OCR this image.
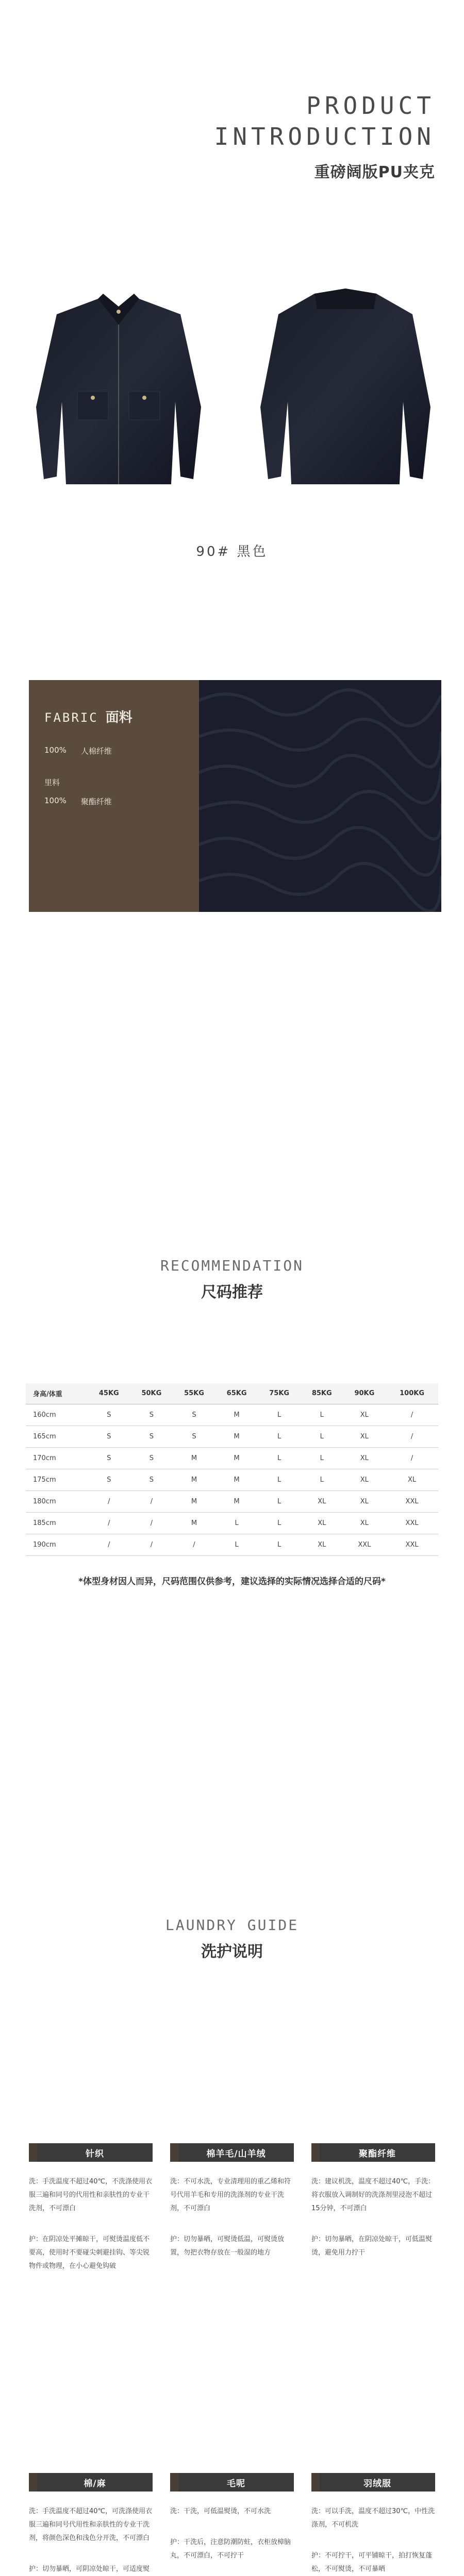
PRODUCT
INTRODUCTION
重磅阔版PU夹克
90# 黑色
FABRIC 面料
100% 人棉纤维
里料
100% 聚酯纤维
RECOMMENDATION
尺码推荐
身高/体重	45KG	50KG	55KG	65KG	75KG	85KG	90KG	100KG
160cm	S	S	S	M	L	L	XL	/
165cm	S	S	S	M	L	L	XL	/
170cm	S	S	M	M	L	L	XL	/
175cm	S	S	M	M	L	L	XL	XL
180cm	/	/	M	M	L	XL	XL	XXL
185cm	/	/	M	L	L	XL	XL	XXL
190cm	/	/	/	L	L	XL	XXL	XXL
*体型身材因人而异，尺码范围仅供参考，建议选择的实际情况选择合适的尺码*
LAUNDRY GUIDE
洗护说明
针织

洗：手洗温度不超过40℃，不洗涤使用衣服三遍和同号的代用性和亲肤性的专业干洗剂，不可漂白

护：在阴凉处平摊晾干，可熨烫温度低不要高，使用时不要碰尖刺避挂钩、等尖锐物件或物理，在小心避免钩破

棉羊毛/山羊绒

洗：不可水洗，专业清理用的重乙烯和符号代用羊毛和专用的洗涤剂的专业干洗剂，不可漂白

护：切勿暴晒，可熨烫低温，可熨烫放置，勿把衣物存放在一般湿的地方

聚酯纤维

洗：建议机洗，温度不超过40℃，手洗：将衣服放入调制好的洗涤剂里浸泡不超过15分钟，不可漂白

护：切勿暴晒，在阴凉处晾干，可低温熨烫，避免用力拧干

棉/麻

洗：手洗温度不超过40℃，可洗涤使用衣服三遍和同号代用性和亲肤性的专业干洗剂，将颜色深色和浅色分开洗，不可漂白

护：切勿暴晒，可阴凉处晾干，可适度熨

毛呢

洗：干洗，可低温熨烫，不可水洗

护：干洗后，注意防潮防蛀，衣柜放樟脑丸，不可漂白，不可拧干

羽绒服

洗：可以手洗，温度不超过30℃，中性洗涤剂，不可机洗

护：不可拧干，可平铺晾干，拍打恢复蓬松，不可熨烫，不可暴晒
